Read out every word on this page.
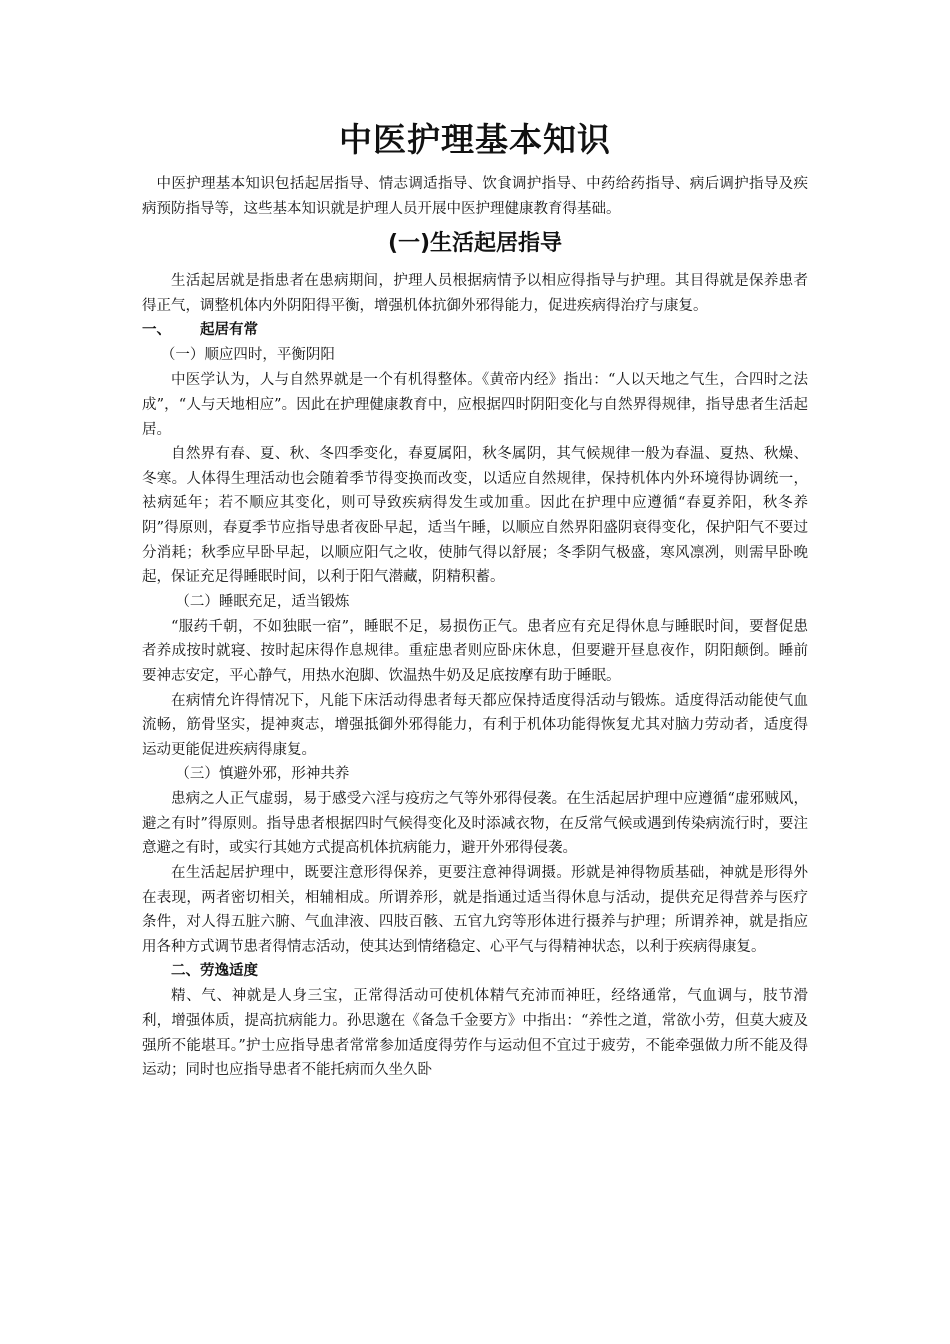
中医护理基本知识

中医护理基本知识包括起居指导、情志调适指导、饮食调护指导、中药给药指导、病后调护指导及疾病预防指导等，这些基本知识就是护理人员开展中医护理健康教育得基础。

(一)生活起居指导

生活起居就是指患者在患病期间，护理人员根据病情予以相应得指导与护理。其目得就是保养患者得正气，调整机体内外阴阳得平衡，增强机体抗御外邪得能力，促进疾病得治疗与康复。

一、 起居有常
（一）顺应四时，平衡阴阳

中医学认为，人与自然界就是一个有机得整体。《黄帝内经》指出：“人以天地之气生，合四时之法成”，“人与天地相应”。因此在护理健康教育中，应根据四时阴阳变化与自然界得规律，指导患者生活起居。

自然界有春、夏、秋、冬四季变化，春夏属阳，秋冬属阴，其气候规律一般为春温、夏热、秋燥、冬寒。人体得生理活动也会随着季节得变换而改变，以适应自然规律，保持机体内外环境得协调统一，袪病延年；若不顺应其变化，则可导致疾病得发生或加重。因此在护理中应遵循“春夏养阳，秋冬养阴”得原则，春夏季节应指导患者夜卧早起，适当午睡，以顺应自然界阳盛阴衰得变化，保护阳气不要过分消耗；秋季应早卧早起，以顺应阳气之收，使肺气得以舒展；冬季阴气极盛，寒风凛冽，则需早卧晚起，保证充足得睡眠时间，以利于阳气潜藏，阴精积蓄。

（二）睡眠充足，适当锻炼

“服药千朝，不如独眠一宿”，睡眠不足，易损伤正气。患者应有充足得休息与睡眠时间，要督促患者养成按时就寝、按时起床得作息规律。重症患者则应卧床休息，但要避开昼息夜作，阴阳颠倒。睡前要神志安定，平心静气，用热水泡脚、饮温热牛奶及足底按摩有助于睡眠。

在病情允许得情况下，凡能下床活动得患者每天都应保持适度得活动与锻炼。适度得活动能使气血流畅，筋骨坚实，提神爽志，增强抵御外邪得能力，有利于机体功能得恢复尤其对脑力劳动者，适度得运动更能促进疾病得康复。

（三）慎避外邪，形神共养

患病之人正气虚弱，易于感受六淫与疫疠之气等外邪得侵袭。在生活起居护理中应遵循“虚邪贼风，避之有时”得原则。指导患者根据四时气候得变化及时添减衣物，在反常气候或遇到传染病流行时，要注意避之有时，或实行其她方式提高机体抗病能力，避开外邪得侵袭。

在生活起居护理中，既要注意形得保养，更要注意神得调摄。形就是神得物质基础，神就是形得外在表现，两者密切相关，相辅相成。所谓养形，就是指通过适当得休息与活动，提供充足得营养与医疗条件，对人得五脏六腑、气血津液、四肢百骸、五官九窍等形体进行摄养与护理；所谓养神，就是指应用各种方式调节患者得情志活动，使其达到情绪稳定、心平气与得精神状态，以利于疾病得康复。

二、劳逸适度

精、气、神就是人身三宝，正常得活动可使机体精气充沛而神旺，经络通常，气血调与，肢节滑利，增强体质，提高抗病能力。孙思邈在《备急千金要方》中指出：“养性之道，常欲小劳，但莫大疲及强所不能堪耳。”护士应指导患者常常参加适度得劳作与运动但不宜过于疲劳，不能牵强做力所不能及得运动；同时也应指导患者不能托病而久坐久卧
